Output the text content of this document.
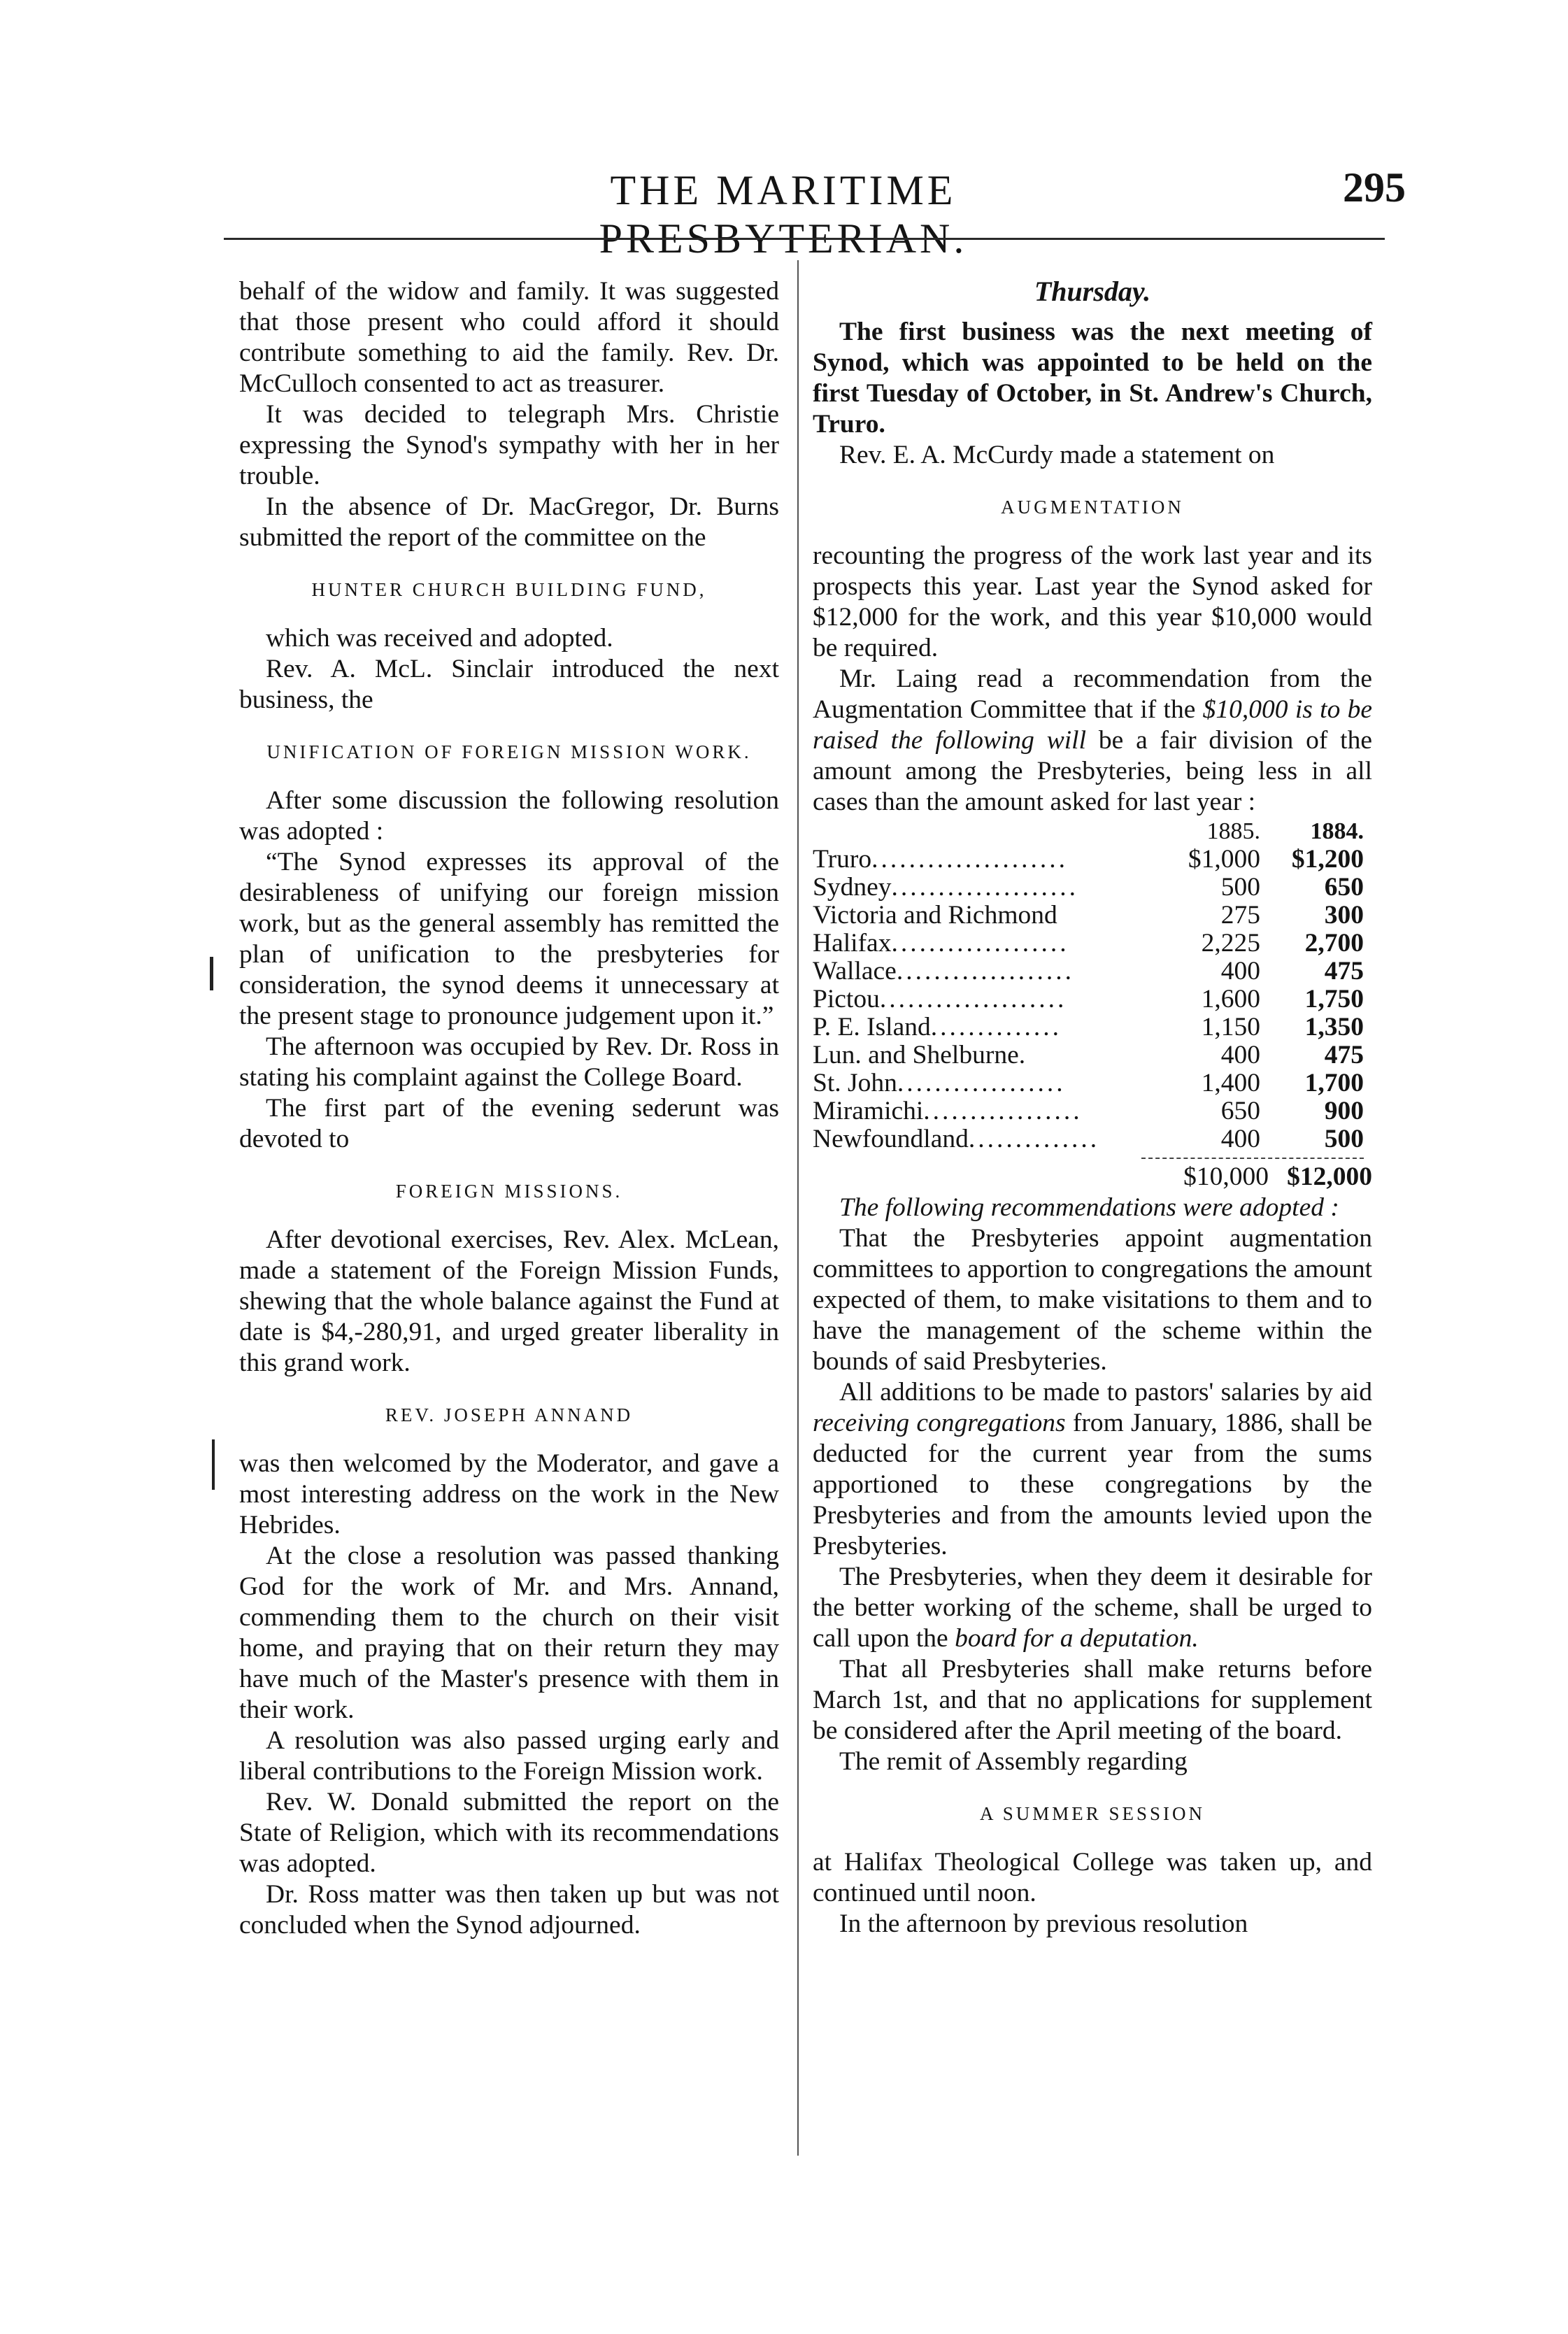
THE MARITIME PRESBYTERIAN.
295

behalf of the widow and family. It was suggested that those present who could afford it should contribute something to aid the family. Rev. Dr. McCulloch consented to act as treasurer.

It was decided to telegraph Mrs. Christie expressing the Synod's sympathy with her in her trouble.

In the absence of Dr. MacGregor, Dr. Burns submitted the report of the committee on the

HUNTER CHURCH BUILDING FUND,

which was received and adopted.

Rev. A. McL. Sinclair introduced the next business, the

UNIFICATION OF FOREIGN MISSION WORK.

After some discussion the following resolution was adopted :

“The Synod expresses its approval of the desirableness of unifying our foreign mission work, but as the general assembly has remitted the plan of unification to the presbyteries for consideration, the synod deems it unnecessary at the present stage to pronounce judgement upon it.”

The afternoon was occupied by Rev. Dr. Ross in stating his complaint against the College Board.

The first part of the evening sederunt was devoted to

FOREIGN MISSIONS.

After devotional exercises, Rev. Alex. McLean, made a statement of the Foreign Mission Funds, shewing that the whole balance against the Fund at date is $4,-280,91, and urged greater liberality in this grand work.

REV. JOSEPH ANNAND

was then welcomed by the Moderator, and gave a most interesting address on the work in the New Hebrides.

At the close a resolution was passed thanking God for the work of Mr. and Mrs. Annand, commending them to the church on their visit home, and praying that on their return they may have much of the Master's presence with them in their work.

A resolution was also passed urging early and liberal contributions to the Foreign Mission work.

Rev. W. Donald submitted the report on the State of Religion, which with its recommendations was adopted.

Dr. Ross matter was then taken up but was not concluded when the Synod adjourned.

Thursday.

The first business was the next meeting of Synod, which was appointed to be held on the first Tuesday of October, in St. Andrew's Church, Truro.

Rev. E. A. McCurdy made a statement on

AUGMENTATION

recounting the progress of the work last year and its prospects this year. Last year the Synod asked for $12,000 for the work, and this year $10,000 would be required.

Mr. Laing read a recommendation from the Augmentation Committee that if the $10,000 is to be raised the following will be a fair division of the amount among the Presbyteries, being less in all cases than the amount asked for last year :

	1885.	1884.
Truro.....................	$1,000	$1,200
Sydney....................	500	650
Victoria and Richmond	275	300
Halifax...................	2,225	2,700
Wallace...................	400	475
Pictou....................	1,600	1,750
P. E. Island..............	1,150	1,350
Lun. and Shelburne.	400	475
St. John..................	1,400	1,700
Miramichi.................	650	900
Newfoundland..............	400	500
$10,000 $12,000

The following recommendations were adopted :

That the Presbyteries appoint augmentation committees to apportion to congregations the amount expected of them, to make visitations to them and to have the management of the scheme within the bounds of said Presbyteries.

All additions to be made to pastors' salaries by aid receiving congregations from January, 1886, shall be deducted for the current year from the sums apportioned to these congregations by the Presbyteries and from the amounts levied upon the Presbyteries.

The Presbyteries, when they deem it desirable for the better working of the scheme, shall be urged to call upon the board for a deputation.

That all Presbyteries shall make returns before March 1st, and that no applications for supplement be considered after the April meeting of the board.

The remit of Assembly regarding

A SUMMER SESSION

at Halifax Theological College was taken up, and continued until noon.

In the afternoon by previous resolution
